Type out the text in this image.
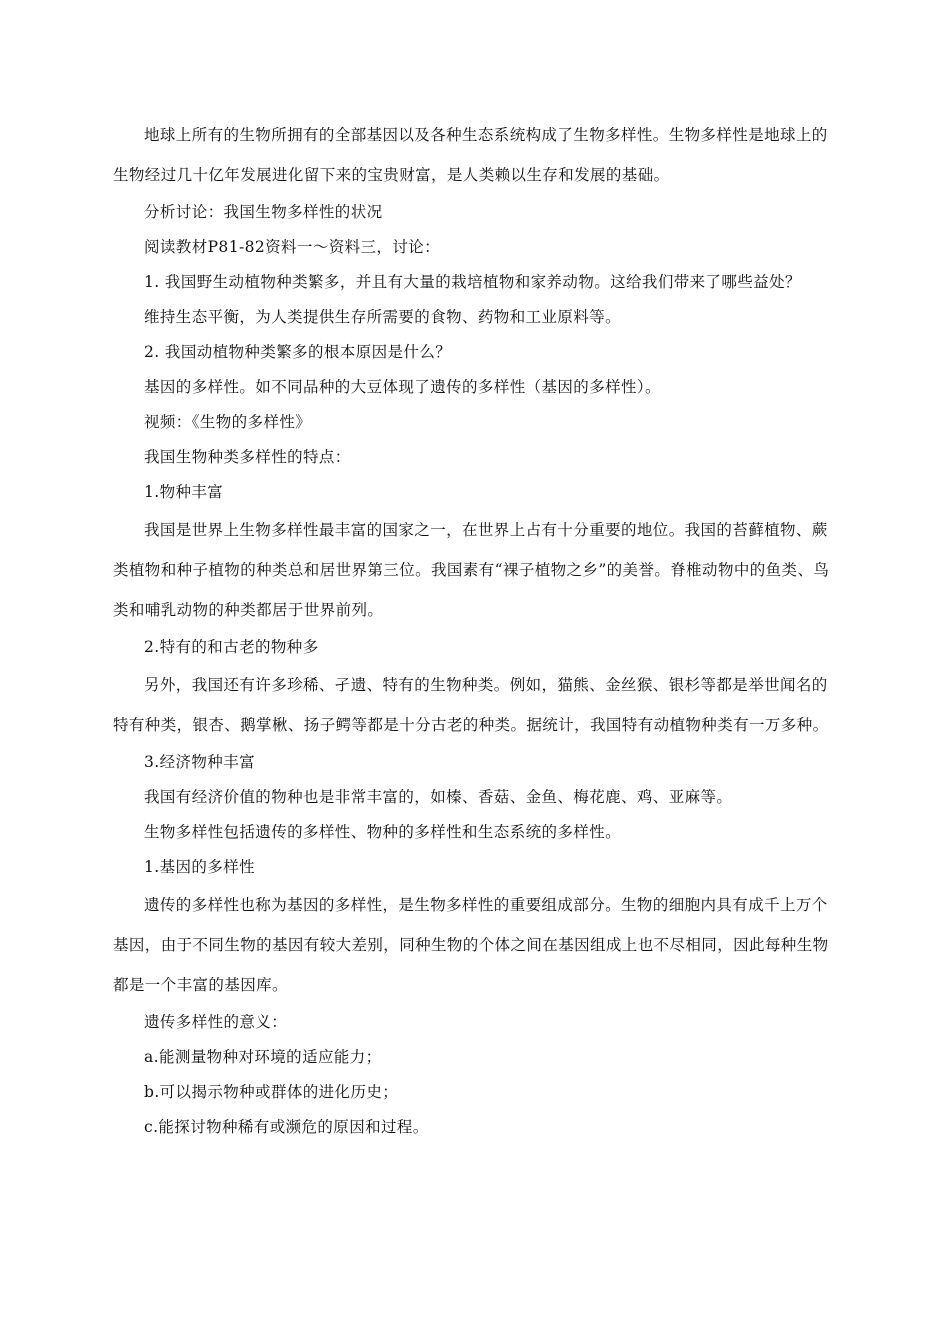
地球上所有的生物所拥有的全部基因以及各种生态系统构成了生物多样性。生物多样性是地球上的生物经过几十亿年发展进化留下来的宝贵财富，是人类赖以生存和发展的基础。

分析讨论：我国生物多样性的状况

阅读教材P81-82资料一～资料三，讨论：

1. 我国野生动植物种类繁多，并且有大量的栽培植物和家养动物。这给我们带来了哪些益处？

维持生态平衡，为人类提供生存所需要的食物、药物和工业原料等。

2. 我国动植物种类繁多的根本原因是什么？

基因的多样性。如不同品种的大豆体现了遗传的多样性（基因的多样性）。

视频：《生物的多样性》

我国生物种类多样性的特点：

1.物种丰富

我国是世界上生物多样性最丰富的国家之一，在世界上占有十分重要的地位。我国的苔藓植物、蕨类植物和种子植物的种类总和居世界第三位。我国素有“裸子植物之乡”的美誉。脊椎动物中的鱼类、鸟类和哺乳动物的种类都居于世界前列。

2.特有的和古老的物种多

另外，我国还有许多珍稀、孑遗、特有的生物种类。例如，猫熊、金丝猴、银杉等都是举世闻名的特有种类，银杏、鹅掌楸、扬子鳄等都是十分古老的种类。据统计，我国特有动植物种类有一万多种。

3.经济物种丰富

我国有经济价值的物种也是非常丰富的，如榛、香菇、金鱼、梅花鹿、鸡、亚麻等。

生物多样性包括遗传的多样性、物种的多样性和生态系统的多样性。

1.基因的多样性

遗传的多样性也称为基因的多样性，是生物多样性的重要组成部分。生物的细胞内具有成千上万个基因，由于不同生物的基因有较大差别，同种生物的个体之间在基因组成上也不尽相同，因此每种生物都是一个丰富的基因库。

遗传多样性的意义：

a.能测量物种对环境的适应能力；

b.可以揭示物种或群体的进化历史；

c.能探讨物种稀有或濒危的原因和过程。
